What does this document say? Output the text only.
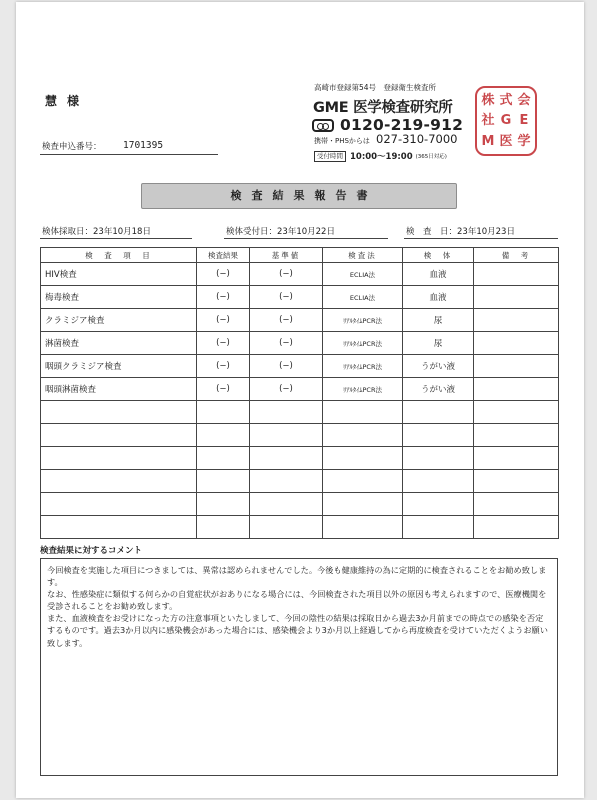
慧 様
検査申込番号： 1701395
高崎市登録第54号　登録衛生検査所
GME 医学検査研究所
0120-219-912
携帯・PHSからは 027-310-7000
受付時間 10:00〜19:00 (365日対応)
株 式 会
社 G E
M 医 学
検査結果報告書
検体採取日：23年10月18日	検体受付日：23年10月22日	検　査　日：23年10月23日
検　査　項　目	検査結果	基準値	検査法	検　体	備　考
HIV検査	(−)	(−)	ECLIA法	血液	
梅毒検査	(−)	(−)	ECLIA法	血液	
クラミジア検査	(−)	(−)	ﾘｱﾙﾀｲﾑPCR法	尿	
淋菌検査	(−)	(−)	ﾘｱﾙﾀｲﾑPCR法	尿	
咽頭クラミジア検査	(−)	(−)	ﾘｱﾙﾀｲﾑPCR法	うがい液	
咽頭淋菌検査	(−)	(−)	ﾘｱﾙﾀｲﾑPCR法	うがい液	

検査結果に対するコメント

今回検査を実施した項目につきましては、異常は認められませんでした。今後も健康維持の為に定期的に検査されることをお勧め致します。

なお、性感染症に類似する何らかの自覚症状がおありになる場合には、今回検査された項目以外の原因も考えられますので、医療機関を受診されることをお勧め致します。

また、血液検査をお受けになった方の注意事項といたしまして、今回の陰性の結果は採取日から過去3か月前までの時点での感染を否定するものです。過去3か月以内に感染機会があった場合には、感染機会より3か月以上経過してから再度検査を受けていただくようお願い致します。
